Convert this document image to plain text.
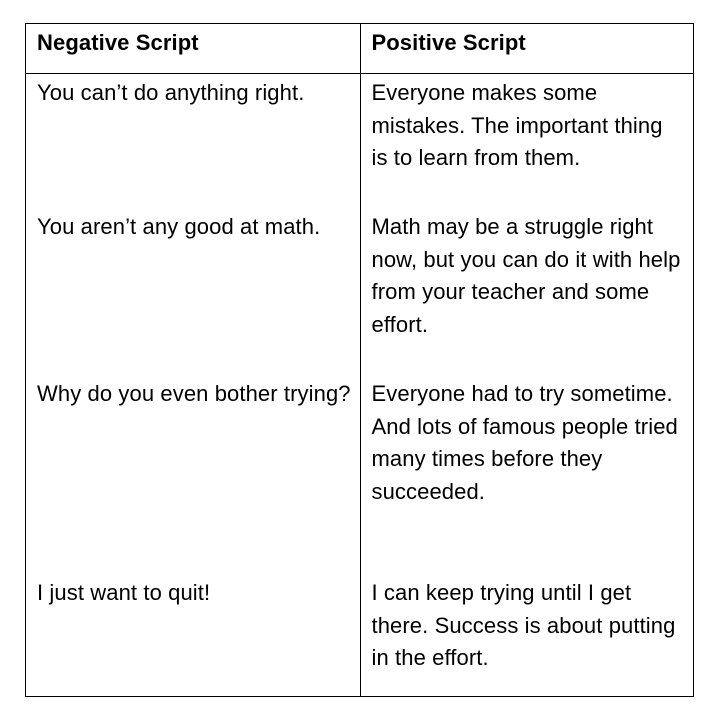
Negative Script	Positive Script
You can’t do anything right.	Everyone makes some mistakes. The important thing is to learn from them.
You aren’t any good at math.	Math may be a struggle right now, but you can do it with help from your teacher and some effort.
Why do you even bother trying?	Everyone had to try sometime. And lots of famous people tried many times before they succeeded.
I just want to quit!	I can keep trying until I get there. Success is about putting in the effort.
